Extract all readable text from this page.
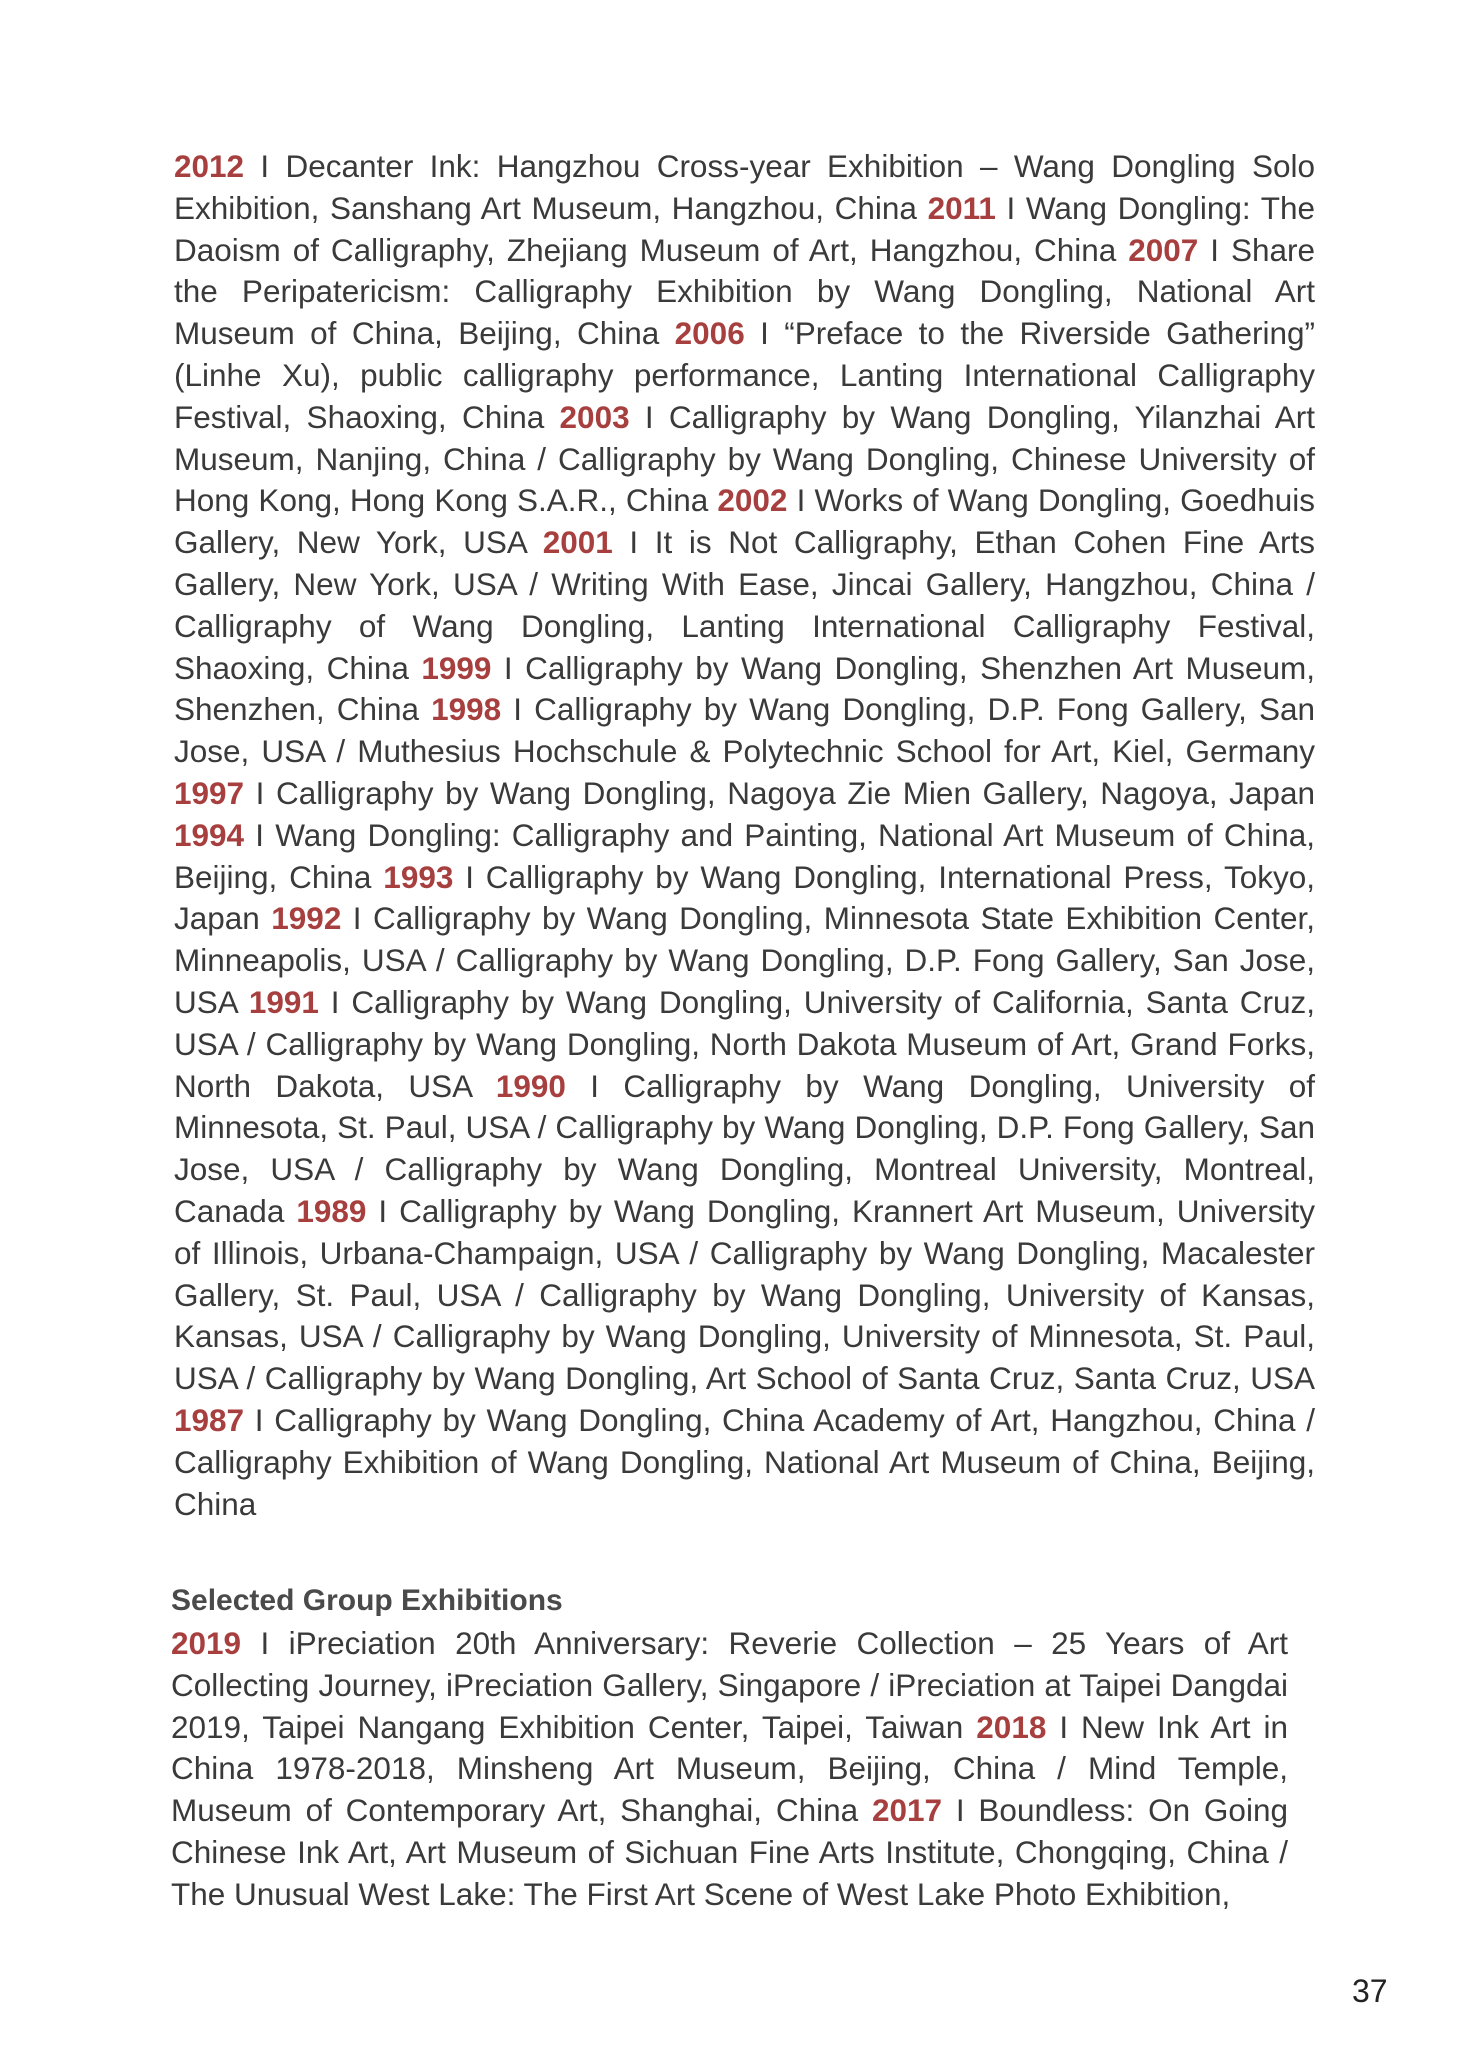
2012 I Decanter Ink: Hangzhou Cross-year Exhibition – Wang Dongling Solo Exhibition, Sanshang Art Museum, Hangzhou, China 2011 I Wang Dongling: The Daoism of Calligraphy, Zhejiang Museum of Art, Hangzhou, China 2007 I Share the Peripatericism: Calligraphy Exhibition by Wang Dongling, National Art Museum of China, Beijing, China 2006 I “Preface to the Riverside Gathering” (Linhe Xu), public calligraphy performance, Lanting International Calligraphy Festival, Shaoxing, China 2003 I Calligraphy by Wang Dongling, Yilanzhai Art Museum, Nanjing, China / Calligraphy by Wang Dongling, Chinese University of Hong Kong, Hong Kong S.A.R., China 2002 I Works of Wang Dongling, Goedhuis Gallery, New York, USA 2001 I It is Not Calligraphy, Ethan Cohen Fine Arts Gallery, New York, USA / Writing With Ease, Jincai Gallery, Hangzhou, China / Calligraphy of Wang Dongling, Lanting International Calligraphy Festival, Shaoxing, China 1999 I Calligraphy by Wang Dongling, Shenzhen Art Museum, Shenzhen, China 1998 I Calligraphy by Wang Dongling, D.P. Fong Gallery, San Jose, USA / Muthesius Hochschule & Polytechnic School for Art, Kiel, Germany 1997 I Calligraphy by Wang Dongling, Nagoya Zie Mien Gallery, Nagoya, Japan 1994 I Wang Dongling: Calligraphy and Painting, National Art Museum of China, Beijing, China 1993 I Calligraphy by Wang Dongling, International Press, Tokyo, Japan 1992 I Calligraphy by Wang Dongling, Minnesota State Exhibition Center, Minneapolis, USA / Calligraphy by Wang Dongling, D.P. Fong Gallery, San Jose, USA 1991 I Calligraphy by Wang Dongling, University of California, Santa Cruz, USA / Calligraphy by Wang Dongling, North Dakota Museum of Art, Grand Forks, North Dakota, USA 1990 I Calligraphy by Wang Dongling, University of Minnesota, St. Paul, USA / Calligraphy by Wang Dongling, D.P. Fong Gallery, San Jose, USA / Calligraphy by Wang Dongling, Montreal University, Montreal, Canada 1989 I Calligraphy by Wang Dongling, Krannert Art Museum, University of Illinois, Urbana-Champaign, USA / Calligraphy by Wang Dongling, Macalester Gallery, St. Paul, USA / Calligraphy by Wang Dongling, University of Kansas, Kansas, USA / Calligraphy by Wang Dongling, University of Minnesota, St. Paul, USA / Calligraphy by Wang Dongling, Art School of Santa Cruz, Santa Cruz, USA 1987 I Calligraphy by Wang Dongling, China Academy of Art, Hangzhou, China / Calligraphy Exhibition of Wang Dongling, National Art Museum of China, Beijing, China

Selected Group Exhibitions

2019 I iPreciation 20th Anniversary: Reverie Collection – 25 Years of Art Collecting Journey, iPreciation Gallery, Singapore / iPreciation at Taipei Dangdai 2019, Taipei Nangang Exhibition Center, Taipei, Taiwan 2018 I New Ink Art in China 1978-2018, Minsheng Art Museum, Beijing, China / Mind Temple, Museum of Contemporary Art, Shanghai, China 2017 I Boundless: On Going Chinese Ink Art, Art Museum of Sichuan Fine Arts Institute, Chongqing, China / The Unusual West Lake: The First Art Scene of West Lake Photo Exhibition,

37
